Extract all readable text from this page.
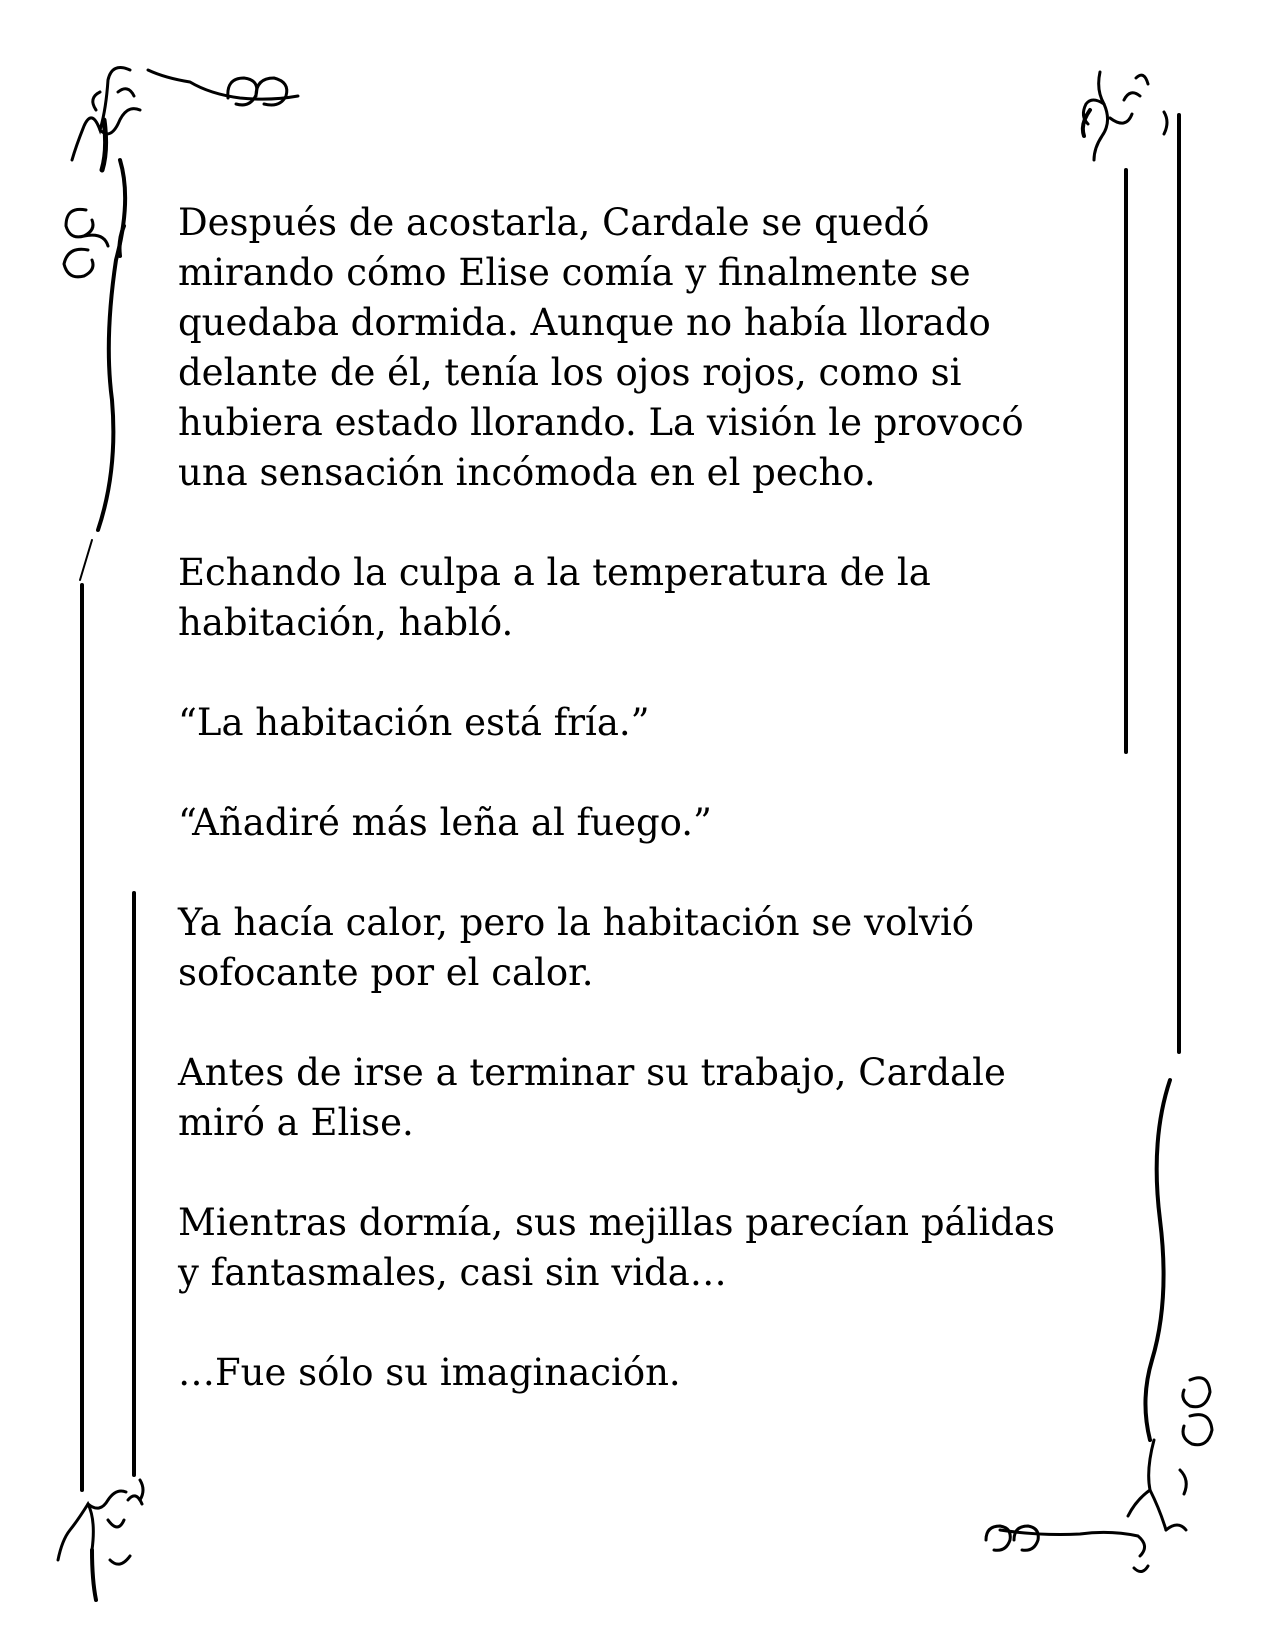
Después de acostarla, Cardale se quedó
mirando cómo Elise comía y finalmente se
quedaba dormida. Aunque no había llorado
delante de él, tenía los ojos rojos, como si
hubiera estado llorando. La visión le provocó
una sensación incómoda en el pecho.

Echando la culpa a la temperatura de la
habitación, habló.

“La habitación está fría.”

“Añadiré más leña al fuego.”

Ya hacía calor, pero la habitación se volvió
sofocante por el calor.

Antes de irse a terminar su trabajo, Cardale
miró a Elise.

Mientras dormía, sus mejillas parecían pálidas
y fantasmales, casi sin vida…

…Fue sólo su imaginación.
